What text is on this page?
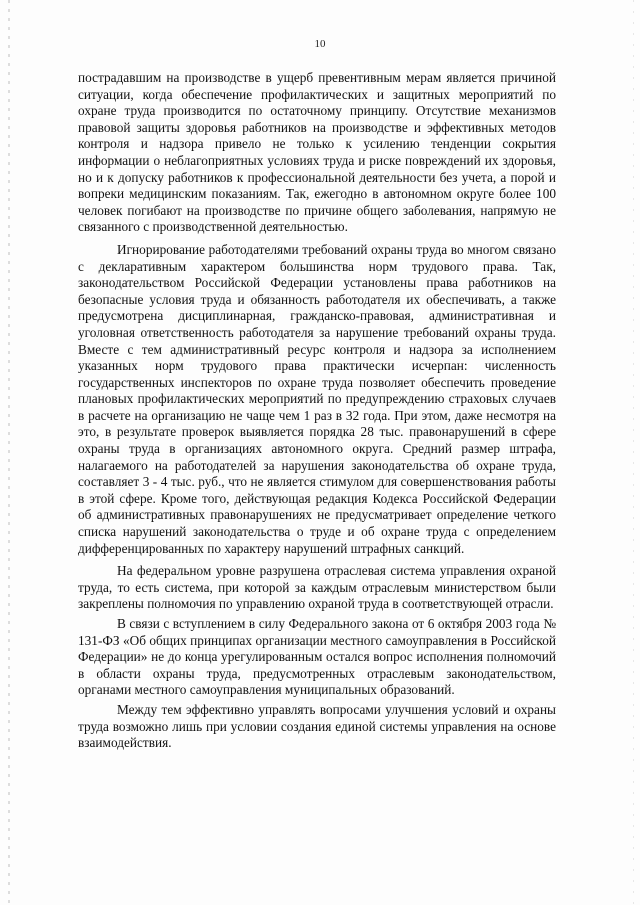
10

пострадавшим на производстве в ущерб превентивным мерам является причиной ситуации, когда обеспечение профилактических и защитных мероприятий по охране труда производится по остаточному принципу. Отсутствие механизмов правовой защиты здоровья работников на производстве и эффективных методов контроля и надзора привело не только к усилению тенденции сокрытия информации о неблагоприятных условиях труда и риске повреждений их здоровья, но и к допуску работников к профессиональной деятельности без учета, а порой и вопреки медицинским показаниям. Так, ежегодно в автономном округе более 100 человек погибают на производстве по причине общего заболевания, напрямую не связанного с производственной деятельностью.

Игнорирование работодателями требований охраны труда во многом связано с декларативным характером большинства норм трудового права. Так, законодательством Российской Федерации установлены права работников на безопасные условия труда и обязанность работодателя их обеспечивать, а также предусмотрена дисциплинарная, гражданско-правовая, административная и уголовная ответственность работодателя за нарушение требований охраны труда. Вместе с тем административный ресурс контроля и надзора за исполнением указанных норм трудового права практически исчерпан: численность государственных инспекторов по охране труда позволяет обеспечить проведение плановых профилактических мероприятий по предупреждению страховых случаев в расчете на организацию не чаще чем 1 раз в 32 года. При этом, даже несмотря на это, в результате проверок выявляется порядка 28 тыс. правонарушений в сфере охраны труда в организациях автономного округа. Средний размер штрафа, налагаемого на работодателей за нарушения законодательства об охране труда, составляет 3 - 4 тыс. руб., что не является стимулом для совершенствования работы в этой сфере. Кроме того, действующая редакция Кодекса Российской Федерации об административных правонарушениях не предусматривает определение четкого списка нарушений законодательства о труде и об охране труда с определением дифференцированных по характеру нарушений штрафных санкций.

На федеральном уровне разрушена отраслевая система управления охраной труда, то есть система, при которой за каждым отраслевым министерством были закреплены полномочия по управлению охраной труда в соответствующей отрасли.

В связи с вступлением в силу Федерального закона от 6 октября 2003 года № 131-ФЗ «Об общих принципах организации местного самоуправления в Российской Федерации» не до конца урегулированным остался вопрос исполнения полномочий в области охраны труда, предусмотренных отраслевым законодательством, органами местного самоуправления муниципальных образований.

Между тем эффективно управлять вопросами улучшения условий и охраны труда возможно лишь при условии создания единой системы управления на основе взаимодействия.
